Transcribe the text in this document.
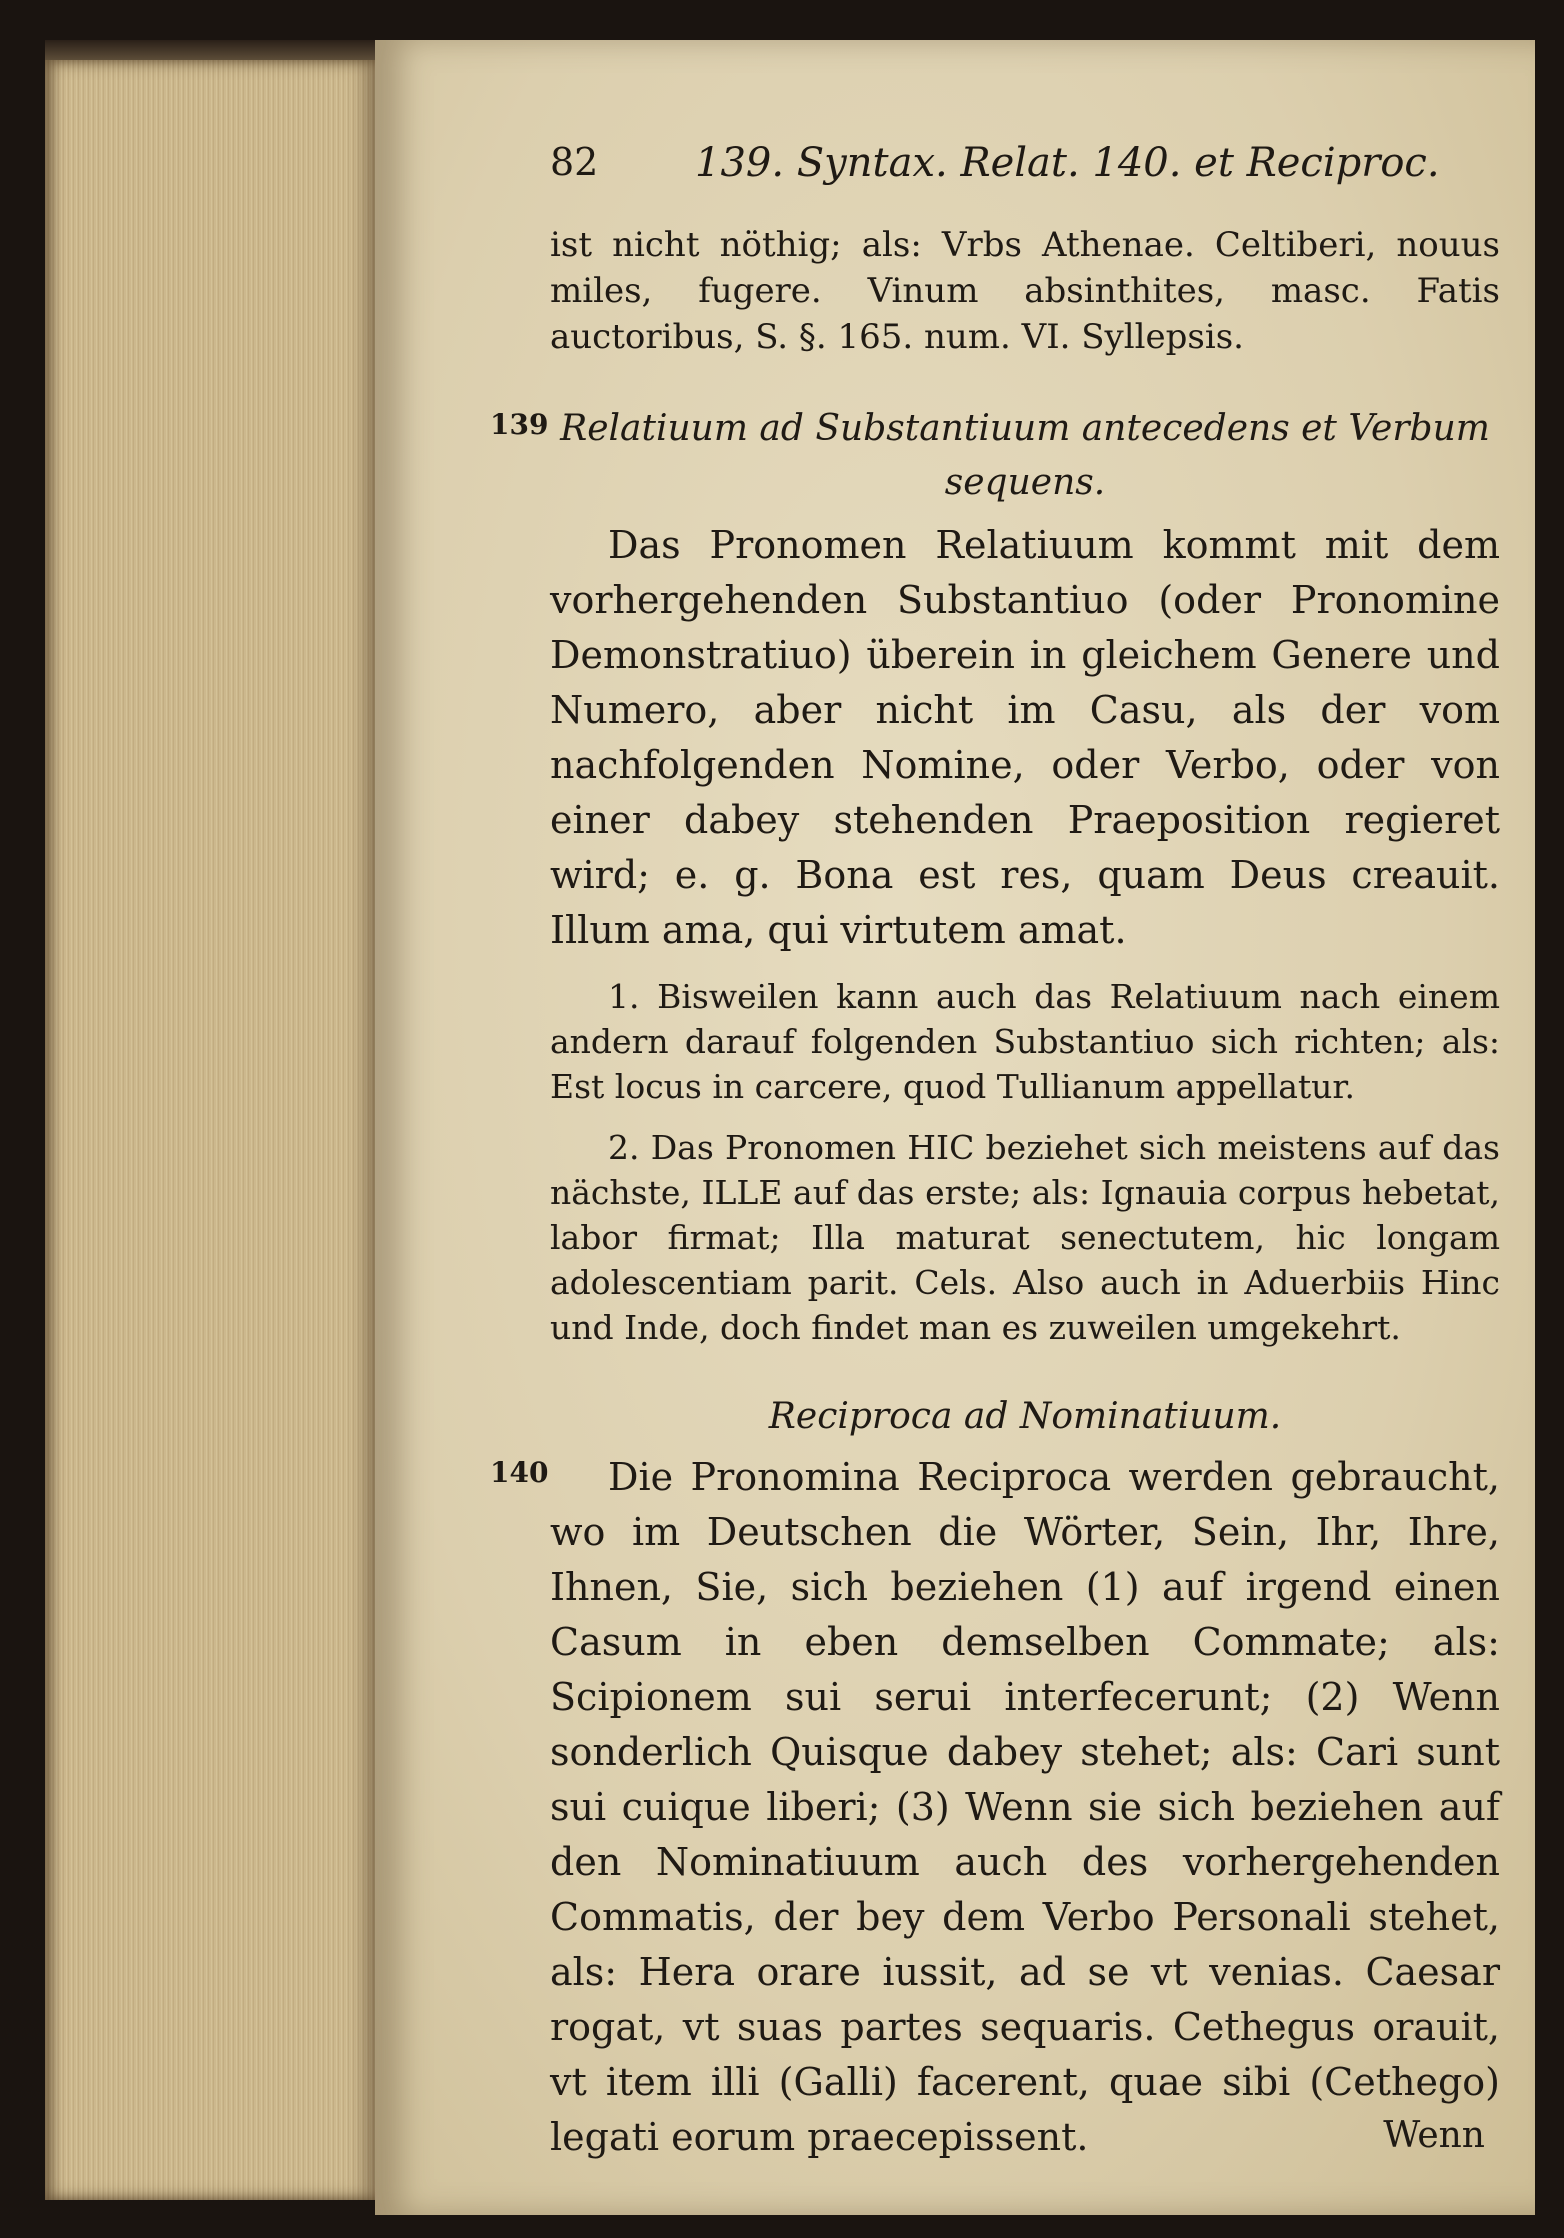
82 139. Syntax. Relat. 140. et Reciproc.

ist nicht nöthig; als: Vrbs Athenae. Celtiberi, nouus miles, fugere. Vinum absinthites, masc. Fatis auctoribus, S. §. 165. num. VI. Syllepsis.

139 Relatiuum ad Substantiuum antecedens et Verbum sequens.

Das Pronomen Relatiuum kommt mit dem vorhergehenden Substantiuo (oder Pronomine Demonstratiuo) überein in gleichem Genere und Numero, aber nicht im Casu, als der vom nachfolgenden Nomine, oder Verbo, oder von einer dabey stehenden Praeposition regieret wird; e. g. Bona est res, quam Deus creauit. Illum ama, qui virtutem amat.

1. Bisweilen kann auch das Relatiuum nach einem andern darauf folgenden Substantiuo sich richten; als: Est locus in carcere, quod Tullianum appellatur.

2. Das Pronomen HIC beziehet sich meistens auf das nächste, ILLE auf das erste; als: Ignauia corpus hebetat, labor firmat; Illa maturat senectutem, hic longam adolescentiam parit. Cels. Also auch in Aduerbiis Hinc und Inde, doch findet man es zuweilen umgekehrt.

Reciproca ad Nominatiuum.
140	Die Pronomina Reciproca werden gebraucht, wo im Deutschen die Wörter, Sein, Ihr, Ihre, Ihnen, Sie, sich beziehen (1) auf irgend einen Casum in eben demselben Commate; als: Scipionem sui serui interfecerunt; (2) Wenn sonderlich Quisque dabey stehet; als: Cari sunt sui cuique liberi; (3) Wenn sie sich beziehen auf den Nominatiuum auch des vorhergehenden Commatis, der bey dem Verbo Personali stehet, als: Hera orare iussit, ad se vt venias. Caesar rogat, vt suas partes sequaris. Cethegus orauit, vt item illi (Galli) facerent, quae sibi (Cethego) legati eorum praecepissent.	Wenn
